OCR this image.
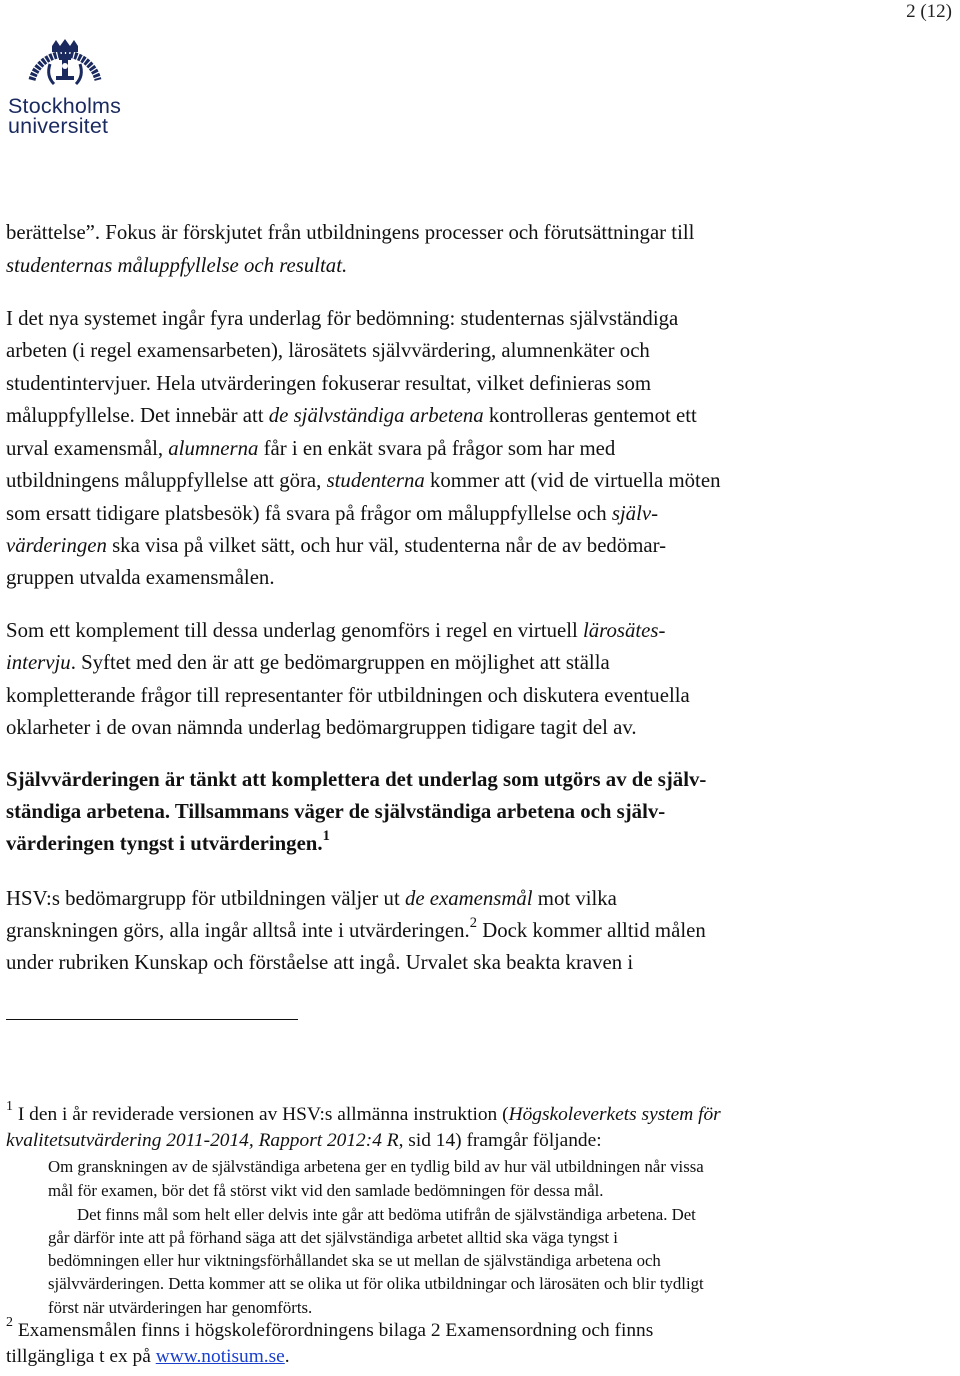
2 (12)
Stockholms
universitet
berättelse”. Fokus är förskjutet från utbildningens processer och förutsättningar till
studenternas måluppfyllelse och resultat.
I det nya systemet ingår fyra underlag för bedömning: studenternas självständiga
arbeten (i regel examensarbeten), lärosätets självvärdering, alumnenkäter och
studentintervjuer. Hela utvärderingen fokuserar resultat, vilket definieras som
måluppfyllelse. Det innebär att de självständiga arbetena kontrolleras gentemot ett
urval examensmål, alumnerna får i en enkät svara på frågor som har med
utbildningens måluppfyllelse att göra, studenterna kommer att (vid de virtuella möten
som ersatt tidigare platsbesök) få svara på frågor om måluppfyllelse och själv-
värderingen ska visa på vilket sätt, och hur väl, studenterna når de av bedömar-
gruppen utvalda examensmålen.
Som ett komplement till dessa underlag genomförs i regel en virtuell lärosätes-
intervju. Syftet med den är att ge bedömargruppen en möjlighet att ställa
kompletterande frågor till representanter för utbildningen och diskutera eventuella
oklarheter i de ovan nämnda underlag bedömargruppen tidigare tagit del av.
Självvärderingen är tänkt att komplettera det underlag som utgörs av de själv-
ständiga arbetena. Tillsammans väger de självständiga arbetena och själv-
värderingen tyngst i utvärderingen.$^1$
HSV:s bedömargrupp för utbildningen väljer ut de examensmål mot vilka
granskningen görs, alla ingår alltså inte i utvärderingen.$^2$ Dock kommer alltid målen
under rubriken Kunskap och förståelse att ingå. Urvalet ska beakta kraven i
$^1$ I den i år reviderade versionen av HSV:s allmänna instruktion (Högskoleverkets system för
kvalitetsutvärdering 2011-2014, Rapport 2012:4 R, sid 14) framgår följande:
Om granskningen av de självständiga arbetena ger en tydlig bild av hur väl utbildningen når vissa
mål för examen, bör det få störst vikt vid den samlade bedömningen för dessa mål.
Det finns mål som helt eller delvis inte går att bedöma utifrån de självständiga arbetena. Det
går därför inte att på förhand säga att det självständiga arbetet alltid ska väga tyngst i
bedömningen eller hur viktningsförhållandet ska se ut mellan de självständiga arbetena och
självvärderingen. Detta kommer att se olika ut för olika utbildningar och lärosäten och blir tydligt
först när utvärderingen har genomförts.
$^2$ Examensmålen finns i högskoleförordningens bilaga 2 Examensordning och finns
tillgängliga t ex på www.notisum.se.
